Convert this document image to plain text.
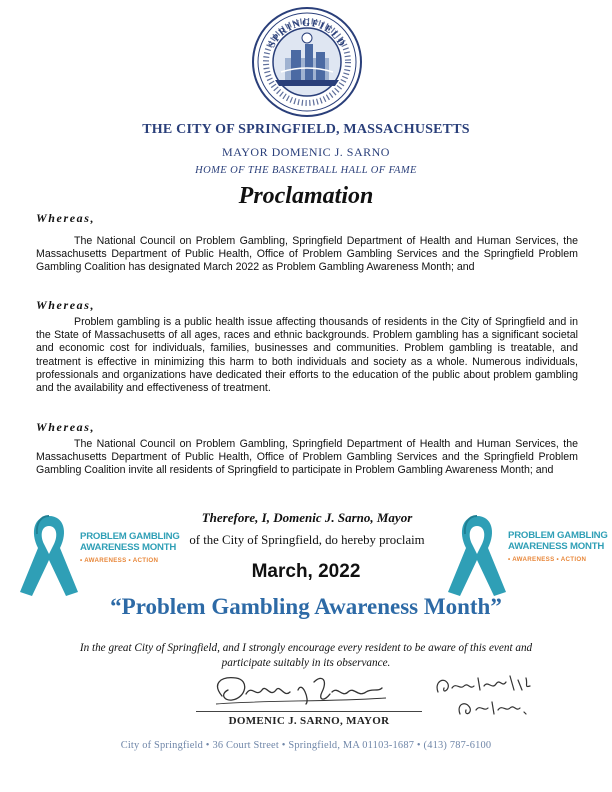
SPRINGFIELD
THE CITY OF SPRINGFIELD, MASSACHUSETTS
MAYOR DOMENIC J. SARNO
HOME OF THE BASKETBALL HALL OF FAME
Proclamation
Whereas,

The National Council on Problem Gambling, Springfield Department of Health and Human Services, the Massachusetts Department of Public Health, Office of Problem Gambling Services and the Springfield Problem Gambling Coalition has designated March 2022 as Problem Gambling Awareness Month; and

Whereas,

Problem gambling is a public health issue affecting thousands of residents in the City of Springfield and in the State of Massachusetts of all ages, races and ethnic backgrounds. Problem gambling has a significant societal and economic cost for individuals, families, businesses and communities. Problem gambling is treatable, and treatment is effective in minimizing this harm to both individuals and society as a whole. Numerous individuals, professionals and organizations have dedicated their efforts to the education of the public about problem gambling and the availability and effectiveness of treatment.

Whereas,

The National Council on Problem Gambling, Springfield Department of Health and Human Services, the Massachusetts Department of Public Health, Office of Problem Gambling Services and the Springfield Problem Gambling Coalition invite all residents of Springfield to participate in Problem Gambling Awareness Month; and

PROBLEM GAMBLING
AWARENESS MONTH
• AWARENESS • ACTION
PROBLEM GAMBLING
AWARENESS MONTH
• AWARENESS • ACTION
Therefore, I, Domenic J. Sarno, Mayor
of the City of Springfield, do hereby proclaim
March, 2022
“Problem Gambling Awareness Month”
In the great City of Springfield, and I strongly encourage every resident to be aware of this event and participate suitably in its observance.
DOMENIC J. SARNO, MAYOR
City of Springfield • 36 Court Street • Springfield, MA 01103-1687 • (413) 787-6100
